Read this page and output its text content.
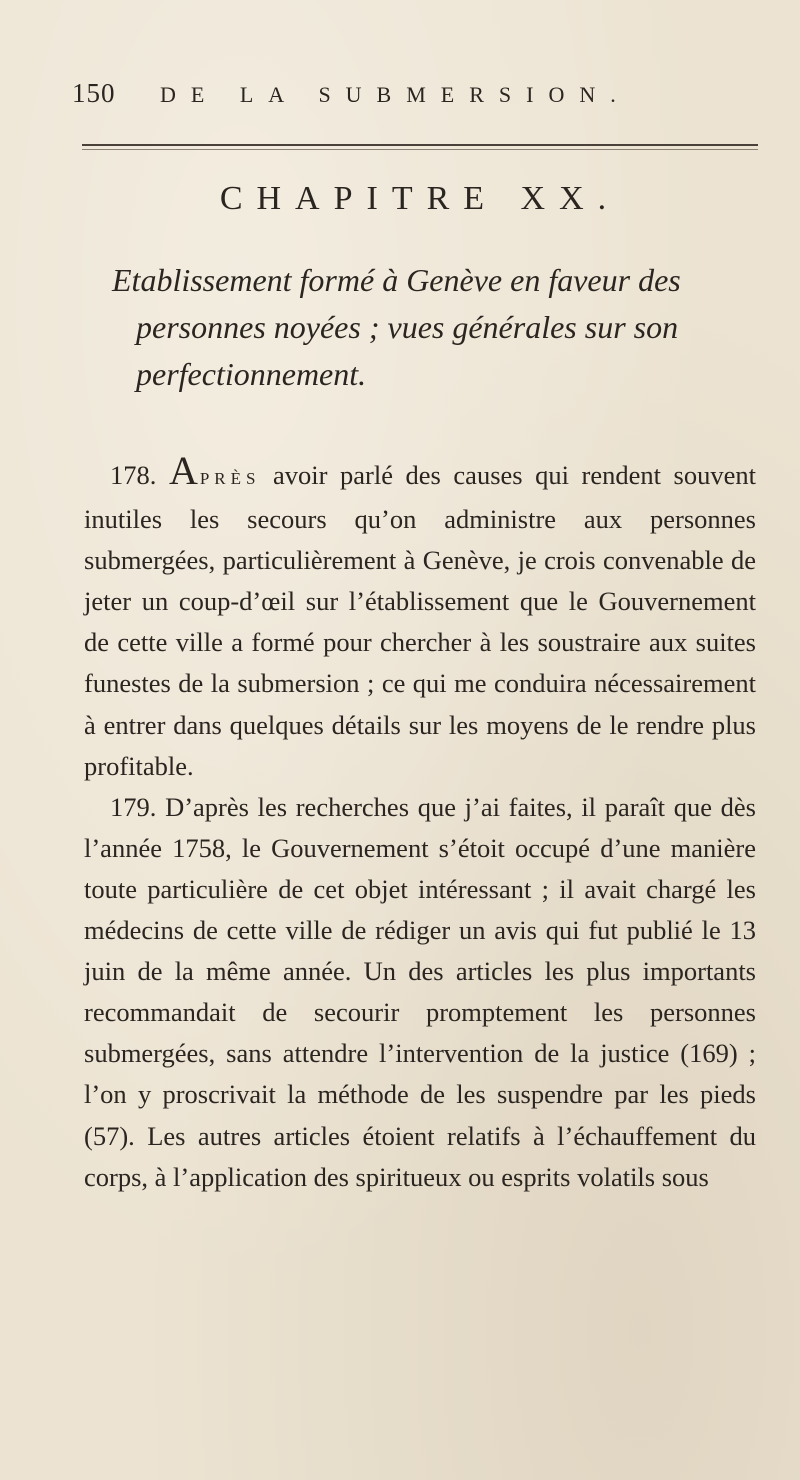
150	DE LA SUBMERSION.
CHAPITRE XX.
Etablissement formé à Genève en faveur des personnes noyées ; vues générales sur son perfectionnement.

178. APRÈS avoir parlé des causes qui rendent souvent inutiles les secours qu’on administre aux personnes submergées, particulièrement à Genève, je crois convenable de jeter un coup-d’œil sur l’établissement que le Gouvernement de cette ville a formé pour chercher à les soustraire aux suites funestes de la submersion ; ce qui me conduira nécessairement à entrer dans quelques détails sur les moyens de le rendre plus profitable.

179. D’après les recherches que j’ai faites, il paraît que dès l’année 1758, le Gouvernement s’étoit occupé d’une manière toute particulière de cet objet intéressant ; il avait chargé les médecins de cette ville de rédiger un avis qui fut publié le 13 juin de la même année. Un des articles les plus importants recommandait de secourir promptement les personnes submergées, sans attendre l’intervention de la justice (169) ; l’on y proscrivait la méthode de les suspendre par les pieds (57). Les autres articles étoient relatifs à l’échauffement du corps, à l’application des spiritueux ou esprits volatils sous
